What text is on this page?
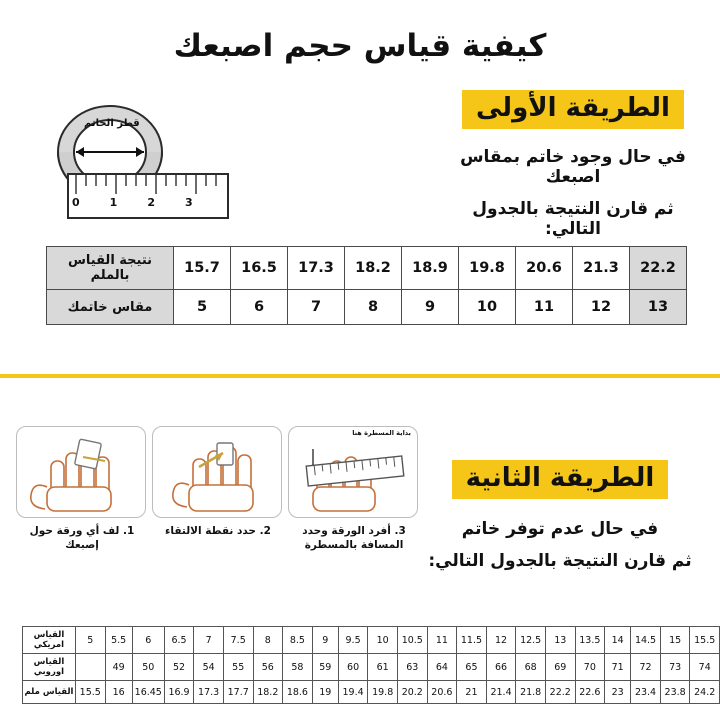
كيفية قياس حجم اصبعك
قطر الخاتم
0	1	2	3
الطريقة الأولى
في حال وجود خاتم بمقاس اصبعك
ثم قارن النتيجة بالجدول التالي:
22.2	21.3	20.6	19.8	18.9	18.2	17.3	16.5	15.7	نتيجة القياس بالملم
13	12	11	10	9	8	7	6	5	مقاس خاتمك
الطريقة الثانية
في حال عدم توفر خاتم
ثم قارن النتيجة بالجدول التالي:
1. لف أي ورقة حول إصبعك
2. حدد نقطة الالتقاء
بداية المسطرة هنا
3. أفرد الورقة وحدد المسافة بالمسطرة
15.5	15	14.5	14	13.5	13	12.5	12	11.5	11	10.5	10	9.5	9	8.5	8	7.5	7	6.5	6	5.5	5	القياس امريكي
74	73	72	71	70	69	68	66	65	64	63	61	60	59	58	56	55	54	52	50	49		القياس اوروبي
24.2	23.8	23.4	23	22.6	22.2	21.8	21.4	21	20.6	20.2	19.8	19.4	19	18.6	18.2	17.7	17.3	16.9	16.45	16	15.5	القياس ملم
